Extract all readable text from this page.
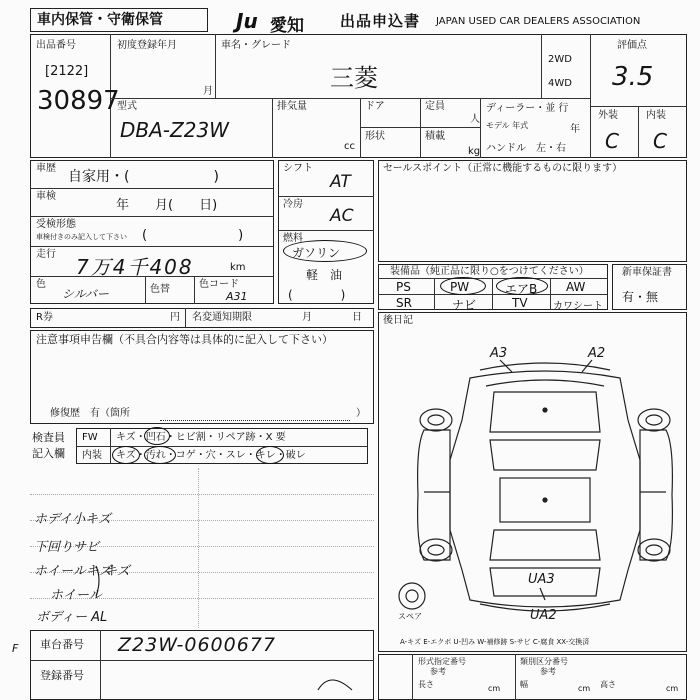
車内保管・守衛保管	Ju 愛知 出品申込書 JAPAN USED CAR DEALERS ASSOCIATION
出品番号
[2122]
30897
初度登録年月
月
車名・グレード
三菱
2WD
4WD
評価点
3.5
外装	内装
C C
型式
DBA-Z23W
排気量
cc
ドア
形状
定員
人
積載
kg
ディーラー・並 行
モデル 年式	年
ハンドル　左・右
車歴
自家用・(　　　　　　)
車検
年　　月(　　日)
受検形態
車検付きのみ記入して下さい (　　　　　　　)
走行
7万4千408	km
色
シルバー	色替	色コード
A31
シフト
AT
冷房
AC
燃料
ガソリン
軽　油
(　　　　)
セールスポイント（正常に機能するものに限ります）
装備品（純正品に限り○をつけてください）
PS	PW	エアB AW
SR	ナビ	TV	カワシート
新車保証書
有・無
R券	円 名変通知期限	月	日
注意事項申告欄（不具合内容等は具体的に記入して下さい）
修復歴　有（箇所	）
検査員
記入欄
FW キズ・凹石・ヒビ割・リペア跡・X 要
内装 キズ・汚れ・コゲ・穴・スレ・キレ・破レ
ホデイ小キズ
下回りサビ
ホイールキズ
ホイール
ボディー AL
キズ
後日記
A3	A2
UA3
UA2
スペア
A-キズ E-エクボ U-凹み W-補修跡 S-サビ C-腐食 XX-交換済
車台番号 Z23W-0600677
登録番号
F
形式指定番号	類別区分番号
参考	参考
長さ	cm 幅	cm 高さ	cm
